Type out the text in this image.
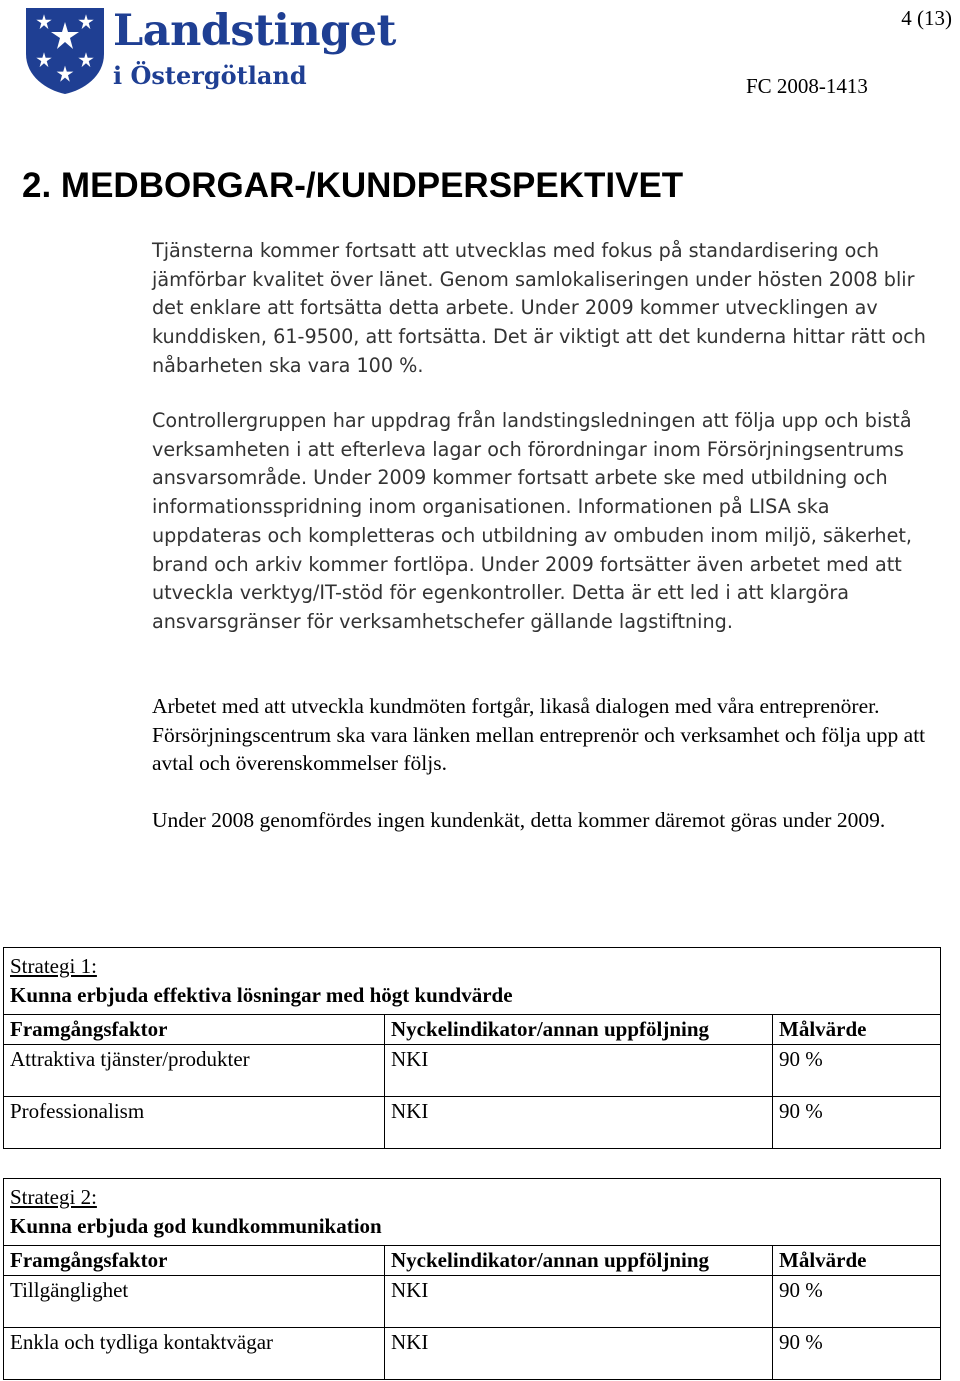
Landstinget
i Östergötland
4 (13)
FC 2008-1413
2. MEDBORGAR-/KUNDPERSPEKTIVET

Tjänsterna kommer fortsatt att utvecklas med fokus på standardisering och jämförbar kvalitet över länet. Genom samlokaliseringen under hösten 2008 blir det enklare att fortsätta detta arbete. Under 2009 kommer utvecklingen av kunddisken, 61-9500, att fortsätta. Det är viktigt att det kunderna hittar rätt och nåbarheten ska vara 100 %.

Controllergruppen har uppdrag från landstingsledningen att följa upp och bistå verksamheten i att efterleva lagar och förordningar inom Försörjningsentrums ansvarsområde. Under 2009 kommer fortsatt arbete ske med utbildning och informationsspridning inom organisationen. Informationen på LISA ska uppdateras och kompletteras och utbildning av ombuden inom miljö, säkerhet, brand och arkiv kommer fortlöpa. Under 2009 fortsätter även arbetet med att utveckla verktyg/IT-stöd för egenkontroller. Detta är ett led i att klargöra ansvarsgränser för verksamhetschefer gällande lagstiftning.

Arbetet med att utveckla kundmöten fortgår, likaså dialogen med våra entreprenörer. Försörjningscentrum ska vara länken mellan entreprenör och verksamhet och följa upp att avtal och överenskommelser följs.

Under 2008 genomfördes ingen kundenkät, detta kommer däremot göras under 2009.

Strategi 1:
Kunna erbjuda effektiva lösningar med högt kundvärde		

Framgångsfaktor	Nyckelindikator/annan uppföljning	Målvärde
Attraktiva tjänster/produkter	NKI	90 %
Professionalism	NKI	90 %
Strategi 2:
Kunna erbjuda god kundkommunikation		

Framgångsfaktor	Nyckelindikator/annan uppföljning	Målvärde
Tillgänglighet	NKI	90 %
Enkla och tydliga kontaktvägar	NKI	90 %
